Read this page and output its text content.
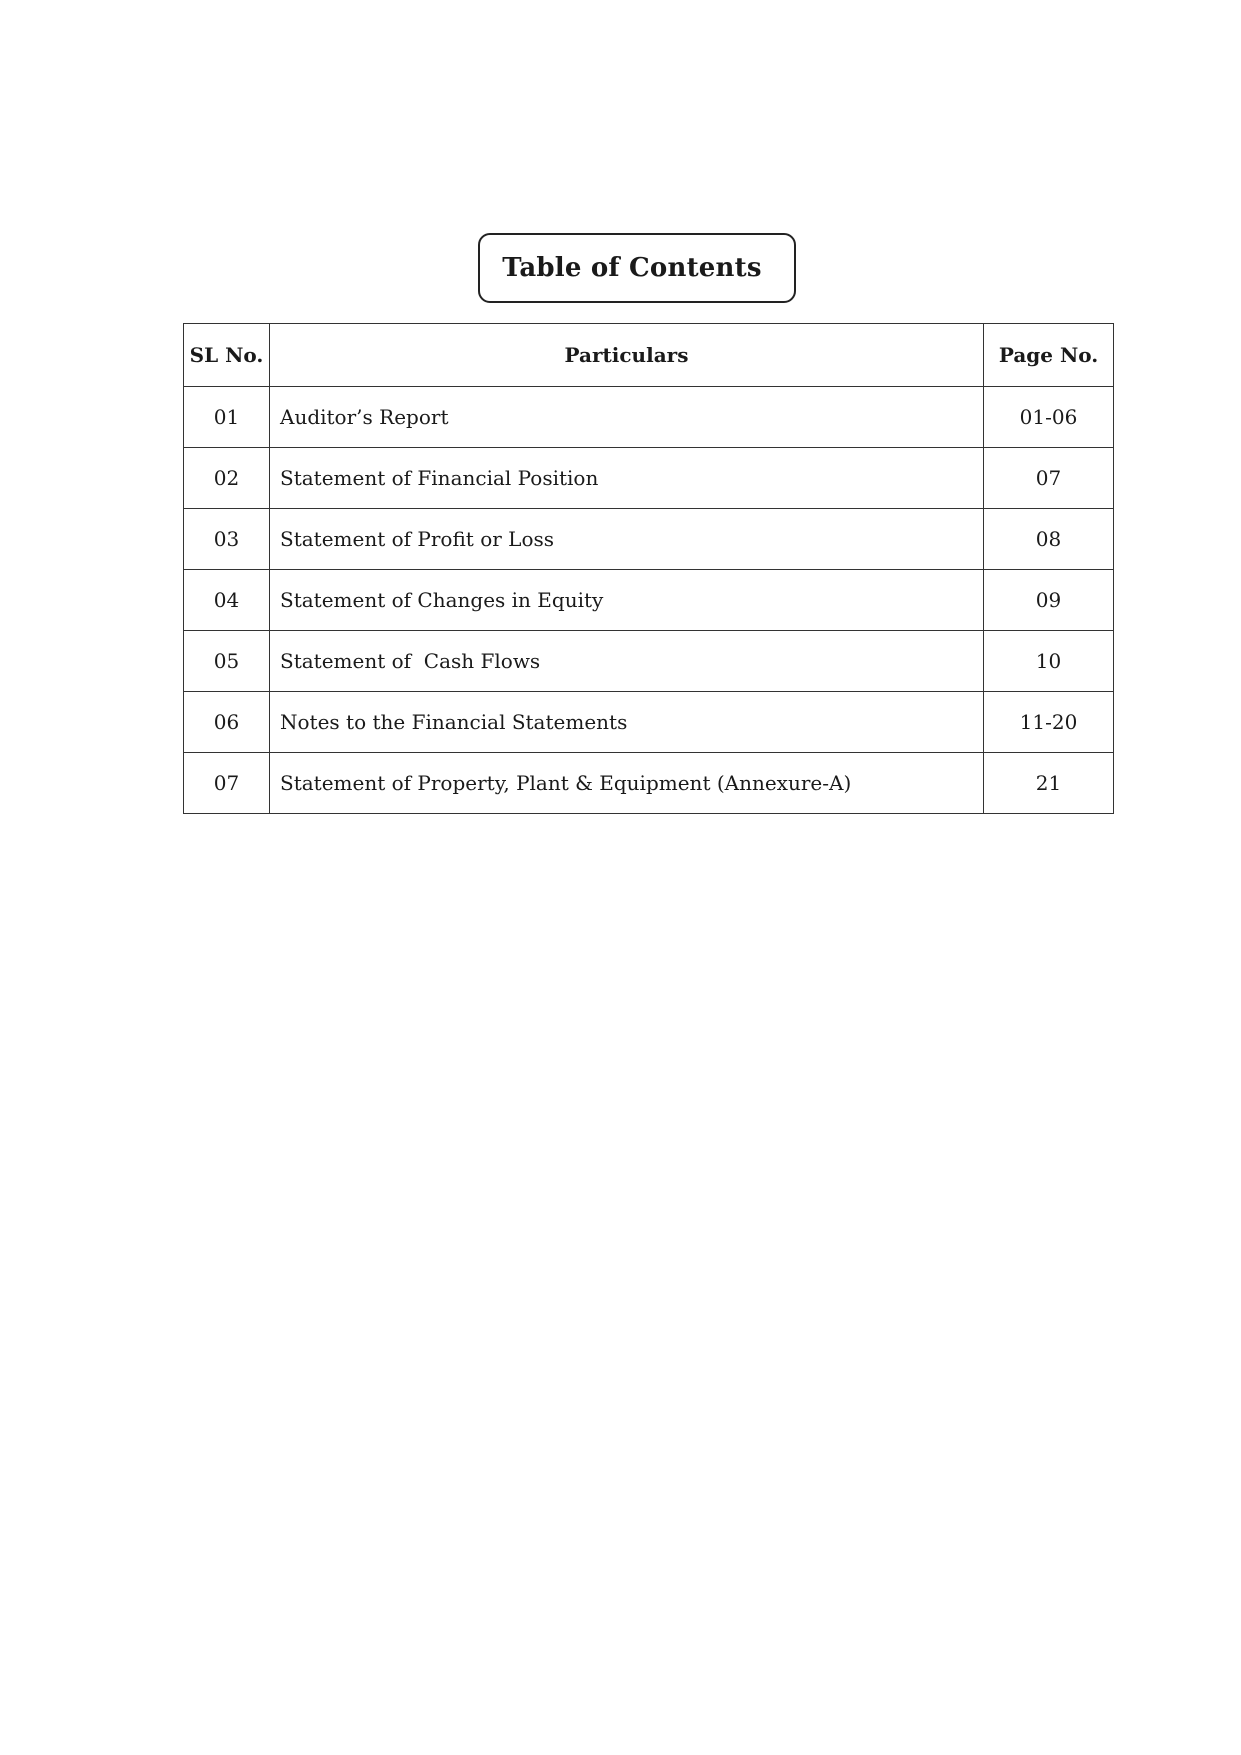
Table of Contents
SL No.	Particulars	Page No.
01	Auditor’s Report	01-06
02	Statement of Financial Position	07
03	Statement of Profit or Loss	08
04	Statement of Changes in Equity	09
05	Statement of  Cash Flows	10
06	Notes to the Financial Statements	11-20
07	Statement of Property, Plant & Equipment (Annexure-A)	21
